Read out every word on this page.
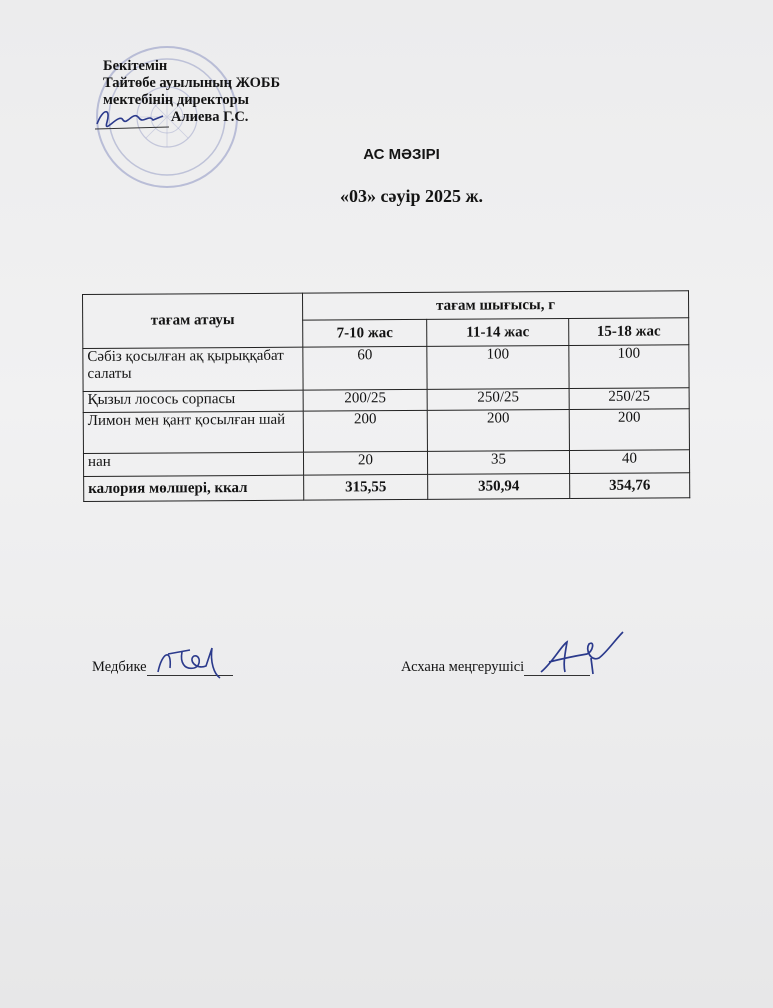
Бекітемін
Тайтөбе ауылының ЖОББ
мектебінің директоры
Алиева Г.С.
АС МӘЗІРІ
«03» сәуір 2025 ж.
тағам атауы	тағам шығысы, г		
	7-10 жас	11-14 жас	15-18 жас
Сәбіз қосылған ақ қырыққабат салаты	60	100	100
Қызыл лосось сорпасы	200/25	250/25	250/25
Лимон мен қант қосылған шай	200	200	200
нан	20	35	40
калория мөлшері, ккал	315,55	350,94	354,76
Медбике	Асхана меңгерушісі
